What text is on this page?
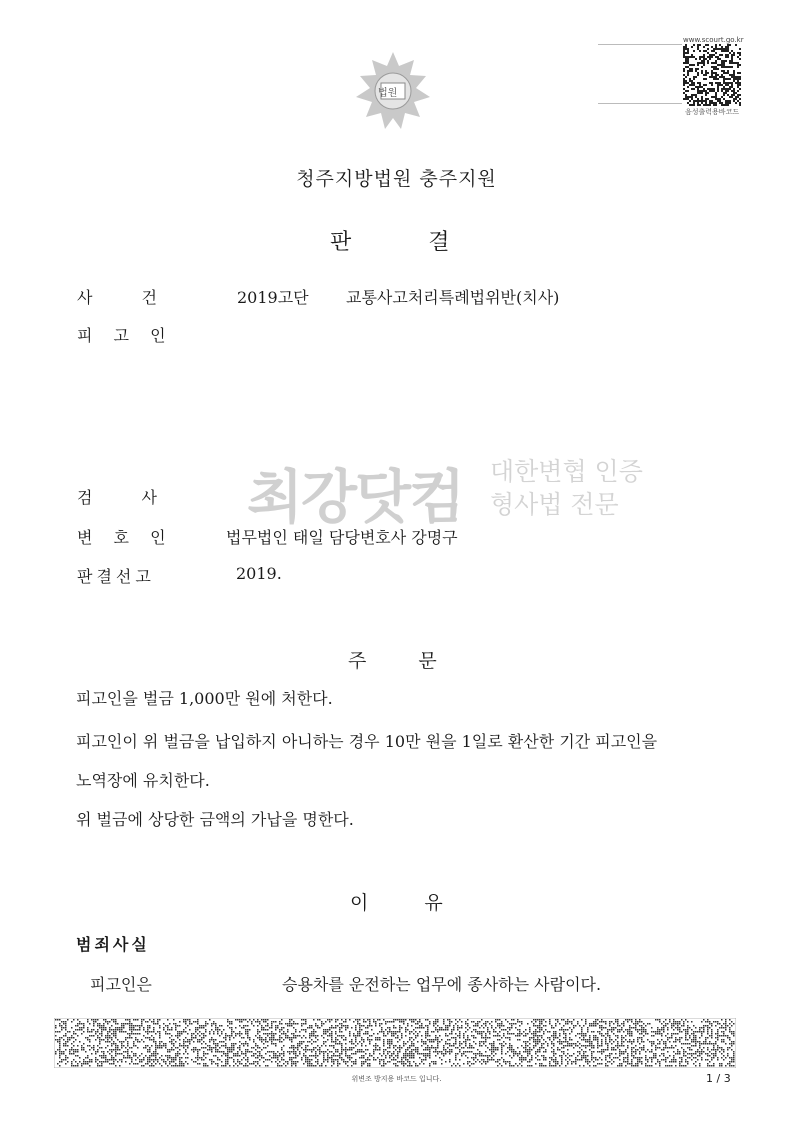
법원
www.scourt.go.kr
음성출력용바코드
청주지방법원 충주지원
판 결
사 건	2019고단 교통사고처리특례법위반(치사)
피 고 인
최강닷컴 대한변협 인증
형사법 전문
검 사
변 호 인	법무법인 태일 담당변호사 강명구
판결선고	2019.
주 문
피고인을 벌금 1,000만 원에 처한다.
피고인이 위 벌금을 납입하지 아니하는 경우 10만 원을 1일로 환산한 기간 피고인을
노역장에 유치한다.
위 벌금에 상당한 금액의 가납을 명한다.
이 유
범죄사실
피고인은	승용차를 운전하는 업무에 종사하는 사람이다.
위변조 방지용 바코드 입니다.	1 / 3
